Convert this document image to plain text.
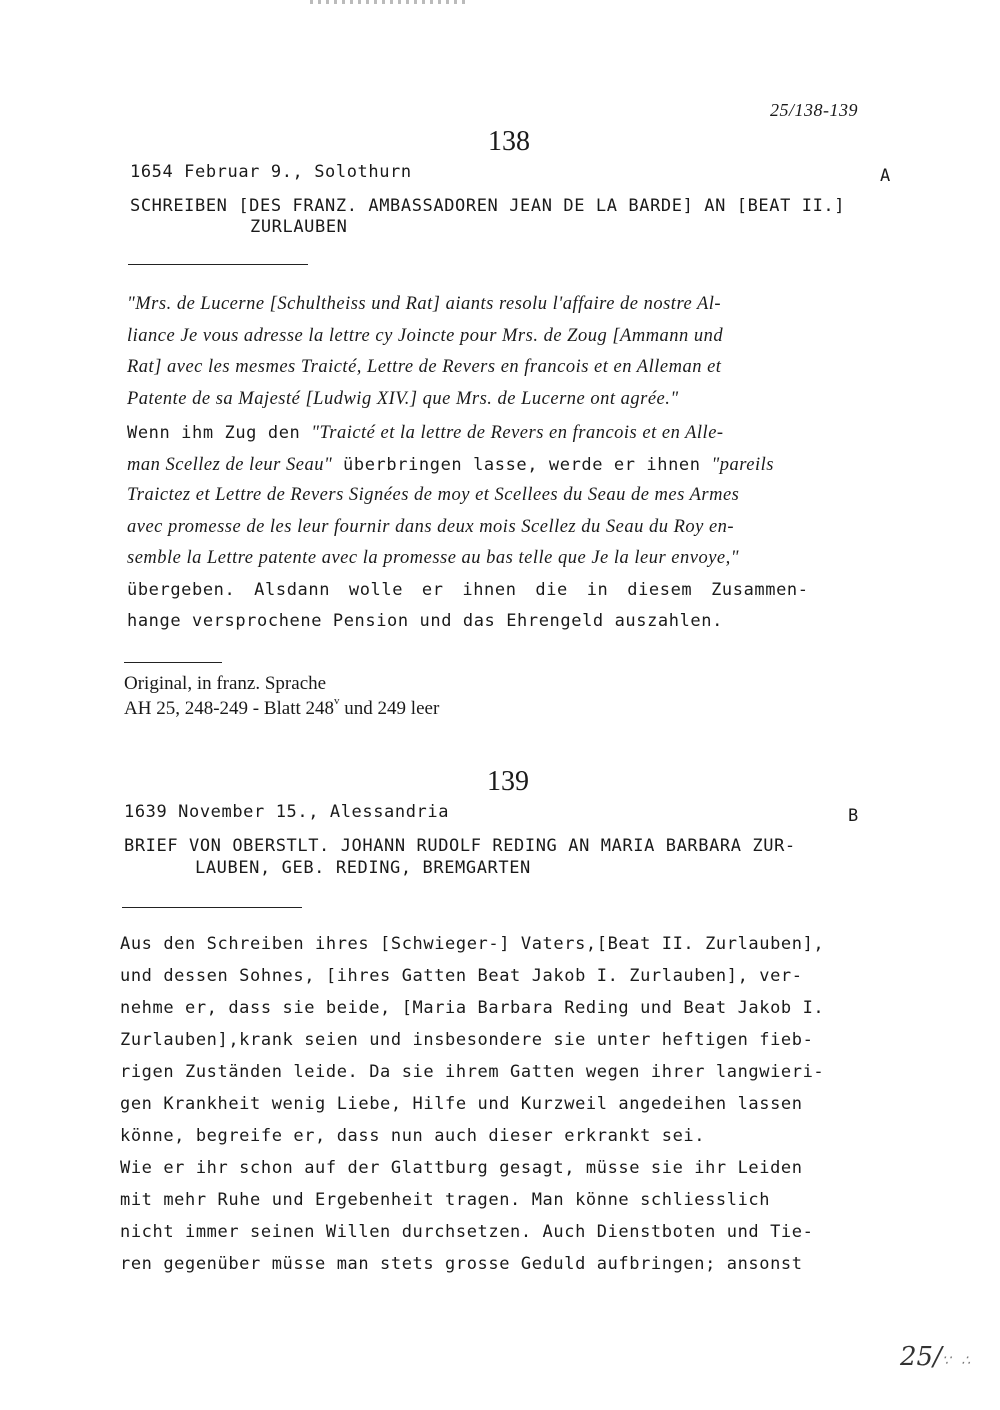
25/138-139
138
1654 Februar 9., Solothurn	A
SCHREIBEN [DES FRANZ. AMBASSADOREN JEAN DE LA BARDE] AN [BEAT II.]
ZURLAUBEN
"Mrs. de Lucerne [Schultheiss und Rat] aiants resolu l'affaire de nostre Al-
liance Je vous adresse la lettre cy Joincte pour Mrs. de Zoug [Ammann und
Rat] avec les mesmes Traicté, Lettre de Revers en francois et en Alleman et
Patente de sa Majesté [Ludwig XIV.] que Mrs. de Lucerne ont agrée."
Wenn ihm Zug den "Traicté et la lettre de Revers en francois et en Alle-
man Scellez de leur Seau" überbringen lasse, werde er ihnen "pareils
Traictez et Lettre de Revers Signées de moy et Scellees du Seau de mes Armes
avec promesse de les leur fournir dans deux mois Scellez du Seau du Roy en-
semble la Lettre patente avec la promesse au bas telle que Je la leur envoye,"
übergeben. Alsdann wolle er ihnen die in diesem Zusammen-
hange versprochene Pension und das Ehrengeld auszahlen.
Original, in franz. Sprache
AH 25, 248-249 - Blatt 248$^v$ und 249 leer
139
1639 November 15., Alessandria	B
BRIEF VON OBERSTLT. JOHANN RUDOLF REDING AN MARIA BARBARA ZUR-
LAUBEN, GEB. REDING, BREMGARTEN
Aus den Schreiben ihres [Schwieger-] Vaters,[Beat II. Zurlauben],
und dessen Sohnes, [ihres Gatten Beat Jakob I. Zurlauben], ver-
nehme er, dass sie beide, [Maria Barbara Reding und Beat Jakob I.
Zurlauben],krank seien und insbesondere sie unter heftigen fieb-
rigen Zuständen leide. Da sie ihrem Gatten wegen ihrer langwieri-
gen Krankheit wenig Liebe, Hilfe und Kurzweil angedeihen lassen
könne, begreife er, dass nun auch dieser erkrankt sei.
Wie er ihr schon auf der Glattburg gesagt, müsse sie ihr Leiden
mit mehr Ruhe und Ergebenheit tragen. Man könne schliesslich
nicht immer seinen Willen durchsetzen. Auch Dienstboten und Tie-
ren gegenüber müsse man stets grosse Geduld aufbringen; ansonst
25/∵ ∴
